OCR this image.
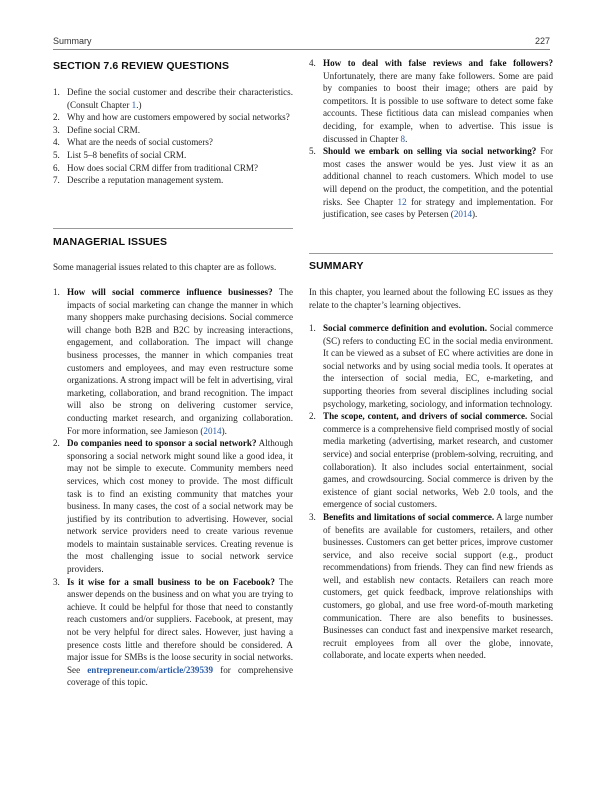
Summary	227
SECTION 7.6 REVIEW QUESTIONS
1. Define the social customer and describe their characteristics. (Consult Chapter 1.)
2. Why and how are customers empowered by social networks?
3. Define social CRM.
4. What are the needs of social customers?
5. List 5–8 benefits of social CRM.
6. How does social CRM differ from traditional CRM?
7. Describe a reputation management system.
MANAGERIAL ISSUES

Some managerial issues related to this chapter are as follows.

1. How will social commerce influence businesses? The impacts of social marketing can change the manner in which many shoppers make purchasing decisions. Social commerce will change both B2B and B2C by increasing interactions, engagement, and collaboration. The impact will change business processes, the manner in which companies treat customers and employees, and may even restructure some organizations. A strong impact will be felt in advertising, viral marketing, collaboration, and brand recognition. The impact will also be strong on delivering customer service, conducting market research, and organizing collaboration. For more information, see Jamieson (2014).
2. Do companies need to sponsor a social network? Although sponsoring a social network might sound like a good idea, it may not be simple to execute. Community members need services, which cost money to provide. The most difficult task is to find an existing community that matches your business. In many cases, the cost of a social network may be justified by its contribution to advertising. However, social network service providers need to create various revenue models to maintain sustainable services. Creating revenue is the most challenging issue to social network service providers.
3. Is it wise for a small business to be on Facebook? The answer depends on the business and on what you are trying to achieve. It could be helpful for those that need to constantly reach customers and/or suppliers. Facebook, at present, may not be very helpful for direct sales. However, just having a presence costs little and therefore should be considered. A major issue for SMBs is the loose security in social networks. See entrepreneur.com/article/239539 for comprehensive coverage of this topic.
4. How to deal with false reviews and fake followers? Unfortunately, there are many fake followers. Some are paid by companies to boost their image; others are paid by competitors. It is possible to use software to detect some fake accounts. These fictitious data can mislead companies when deciding, for example, when to advertise. This issue is discussed in Chapter 8.
5. Should we embark on selling via social networking? For most cases the answer would be yes. Just view it as an additional channel to reach customers. Which model to use will depend on the product, the competition, and the potential risks. See Chapter 12 for strategy and implementation. For justification, see cases by Petersen (2014).
SUMMARY

In this chapter, you learned about the following EC issues as they relate to the chapter’s learning objectives.

1. Social commerce definition and evolution. Social commerce (SC) refers to conducting EC in the social media environment. It can be viewed as a subset of EC where activities are done in social networks and by using social media tools. It operates at the intersection of social media, EC, e-marketing, and supporting theories from several disciplines including social psychology, marketing, sociology, and information technology.
2. The scope, content, and drivers of social commerce. Social commerce is a comprehensive field comprised mostly of social media marketing (advertising, market research, and customer service) and social enterprise (problem-solving, recruiting, and collaboration). It also includes social entertainment, social games, and crowdsourcing. Social commerce is driven by the existence of giant social networks, Web 2.0 tools, and the emergence of social customers.
3. Benefits and limitations of social commerce. A large number of benefits are available for customers, retailers, and other businesses. Customers can get better prices, improve customer service, and also receive social support (e.g., product recommendations) from friends. They can find new friends as well, and establish new contacts. Retailers can reach more customers, get quick feedback, improve relationships with customers, go global, and use free word-of-mouth marketing communication. There are also benefits to businesses. Businesses can conduct fast and inexpensive market research, recruit employees from all over the globe, innovate, collaborate, and locate experts when needed.
